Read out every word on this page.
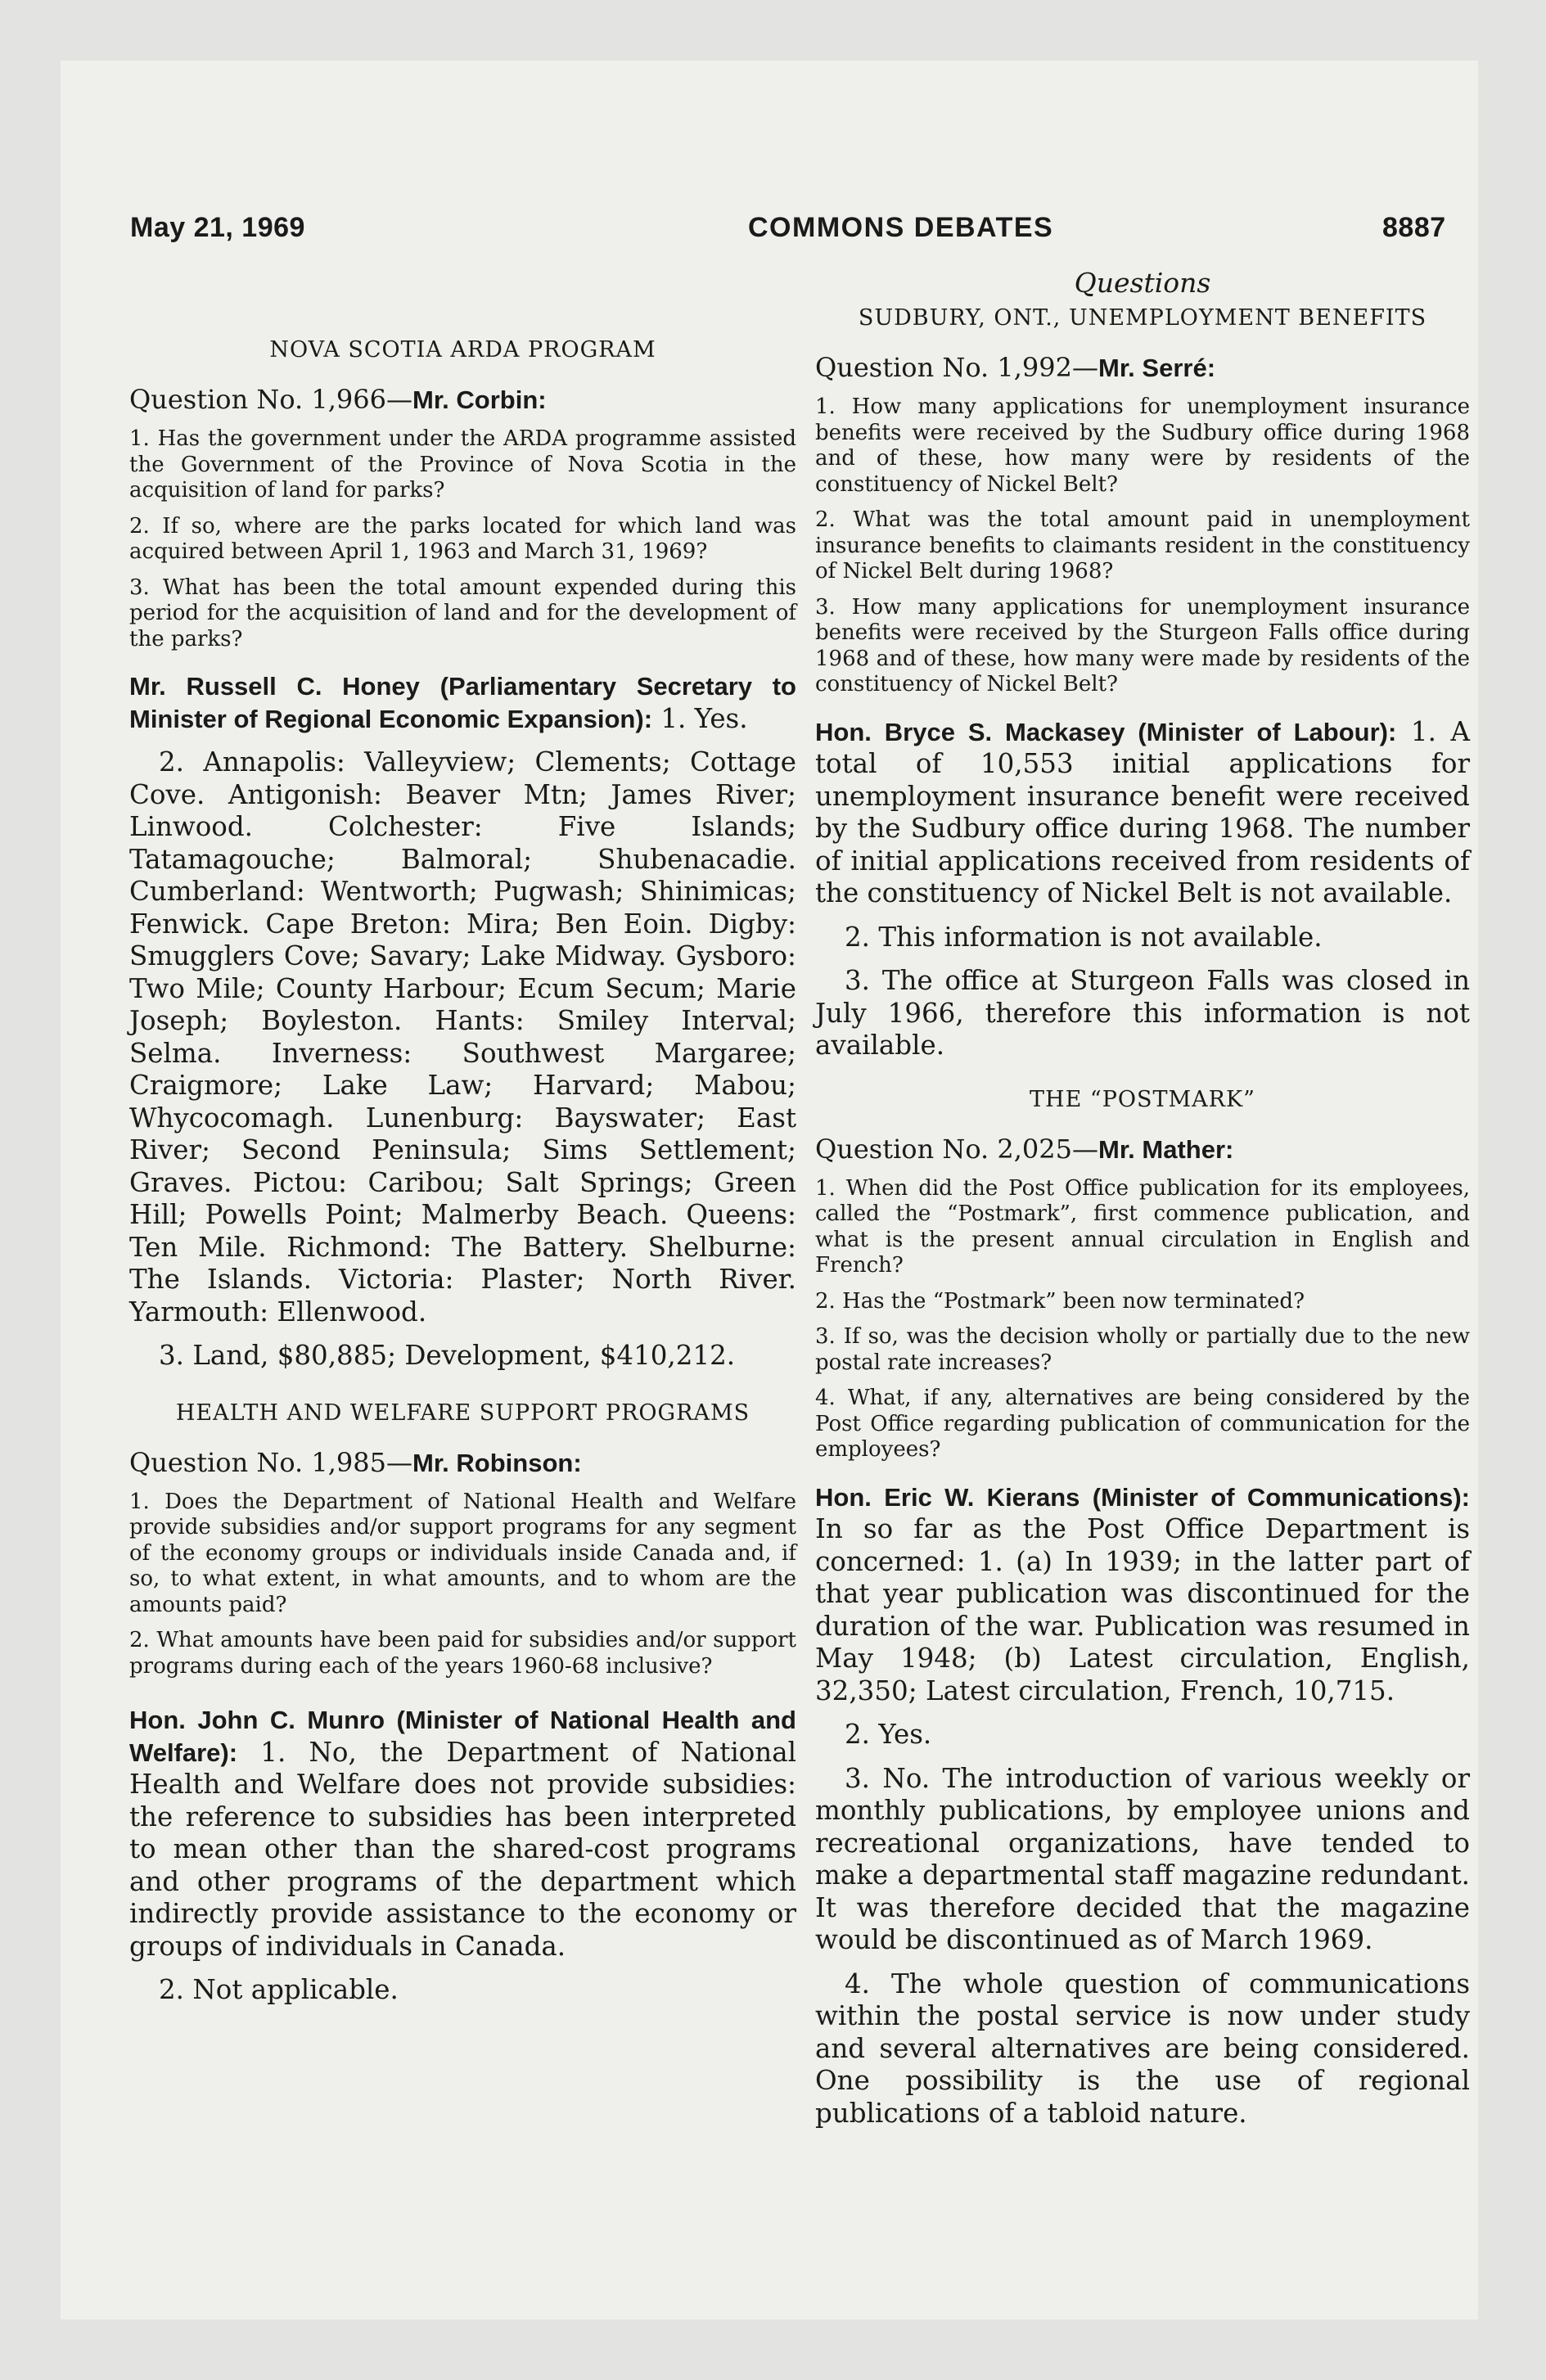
May 21, 1969	COMMONS DEBATES	8887
NOVA SCOTIA ARDA PROGRAM
Question No. 1,966—Mr. Corbin:

1. Has the government under the ARDA programme assisted the Government of the Province of Nova Scotia in the acquisition of land for parks?

2. If so, where are the parks located for which land was acquired between April 1, 1963 and March 31, 1969?

3. What has been the total amount expended during this period for the acquisition of land and for the development of the parks?

Mr. Russell C. Honey (Parliamentary Secretary to Minister of Regional Economic Expansion): 1. Yes.

2. Annapolis: Valleyview; Clements; Cottage Cove. Antigonish: Beaver Mtn; James River; Linwood. Colchester: Five Islands; Tatamagouche; Balmoral; Shubenacadie. Cumberland: Wentworth; Pugwash; Shinimicas; Fenwick. Cape Breton: Mira; Ben Eoin. Digby: Smugglers Cove; Savary; Lake Midway. Gysboro: Two Mile; County Harbour; Ecum Secum; Marie Joseph; Boyleston. Hants: Smiley Interval; Selma. Inverness: Southwest Margaree; Craigmore; Lake Law; Harvard; Mabou; Whycocomagh. Lunenburg: Bayswater; East River; Second Peninsula; Sims Settlement; Graves. Pictou: Caribou; Salt Springs; Green Hill; Powells Point; Malmerby Beach. Queens: Ten Mile. Richmond: The Battery. Shelburne: The Islands. Victoria: Plaster; North River. Yarmouth: Ellenwood.

3. Land, $80,885; Development, $410,212.

HEALTH AND WELFARE SUPPORT PROGRAMS
Question No. 1,985—Mr. Robinson:

1. Does the Department of National Health and Welfare provide subsidies and/or support programs for any segment of the economy groups or individuals inside Canada and, if so, to what extent, in what amounts, and to whom are the amounts paid?

2. What amounts have been paid for subsidies and/or support programs during each of the years 1960-68 inclusive?

Hon. John C. Munro (Minister of National Health and Welfare): 1. No, the Department of National Health and Welfare does not provide subsidies: the reference to subsidies has been interpreted to mean other than the shared-cost programs and other programs of the department which indirectly provide assistance to the economy or groups of individuals in Canada.

2. Not applicable.

Questions
SUDBURY, ONT., UNEMPLOYMENT BENEFITS
Question No. 1,992—Mr. Serré:

1. How many applications for unemployment insurance benefits were received by the Sudbury office during 1968 and of these, how many were by residents of the constituency of Nickel Belt?

2. What was the total amount paid in unemployment insurance benefits to claimants resident in the constituency of Nickel Belt during 1968?

3. How many applications for unemployment insurance benefits were received by the Sturgeon Falls office during 1968 and of these, how many were made by residents of the constituency of Nickel Belt?

Hon. Bryce S. Mackasey (Minister of Labour): 1. A total of 10,553 initial applications for unemployment insurance benefit were received by the Sudbury office during 1968. The number of initial applications received from residents of the constituency of Nickel Belt is not available.

2. This information is not available.

3. The office at Sturgeon Falls was closed in July 1966, therefore this information is not available.

THE “POSTMARK”
Question No. 2,025—Mr. Mather:

1. When did the Post Office publication for its employees, called the “Postmark”, first commence publication, and what is the present annual circulation in English and French?

2. Has the “Postmark” been now terminated?

3. If so, was the decision wholly or partially due to the new postal rate increases?

4. What, if any, alternatives are being considered by the Post Office regarding publication of communication for the employees?

Hon. Eric W. Kierans (Minister of Communications): In so far as the Post Office Department is concerned: 1. (a) In 1939; in the latter part of that year publication was discontinued for the duration of the war. Publication was resumed in May 1948; (b) Latest circulation, English, 32,350; Latest circulation, French, 10,715.

2. Yes.

3. No. The introduction of various weekly or monthly publications, by employee unions and recreational organizations, have tended to make a departmental staff magazine redundant. It was therefore decided that the magazine would be discontinued as of March 1969.

4. The whole question of communications within the postal service is now under study and several alternatives are being considered. One possibility is the use of regional publications of a tabloid nature.
